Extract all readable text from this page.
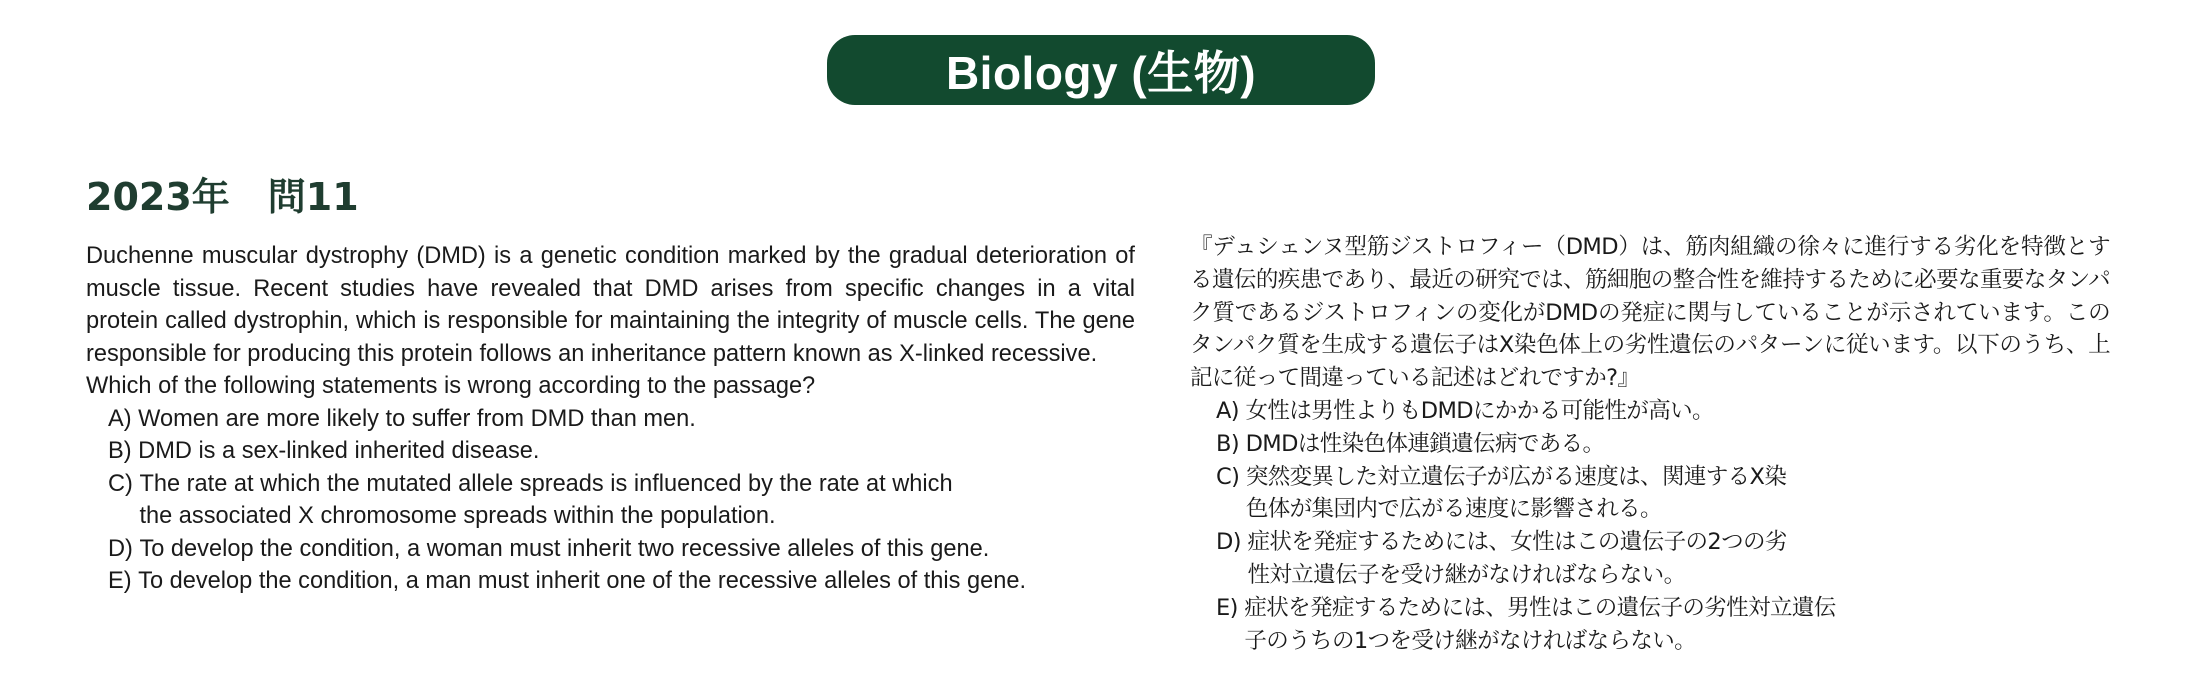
Biology (生物)
2023年　問11

Duchenne muscular dystrophy (DMD) is a genetic condition marked by the gradual deterioration of muscle tissue. Recent studies have revealed that DMD arises from specific changes in a vital protein called dystrophin, which is responsible for maintaining the integrity of muscle cells. The gene responsible for producing this protein follows an inheritance pattern known as X-linked recessive.

Which of the following statements is wrong according to the passage?

A) Women are more likely to suffer from DMD than men.
B) DMD is a sex-linked inherited disease.
C) The rate at which the mutated allele spreads is influenced by the rate at which the associated X chromosome spreads within the population.
D) To develop the condition, a woman must inherit two recessive alleles of this gene.
E) To develop the condition, a man must inherit one of the recessive alleles of this gene.

『デュシェンヌ型筋ジストロフィー（DMD）は、筋肉組織の徐々に進行する劣化を特徴とする遺伝的疾患であり、最近の研究では、筋細胞の整合性を維持するために必要な重要なタンパク質であるジストロフィンの変化がDMDの発症に関与していることが示されています。このタンパク質を生成する遺伝子はX染色体上の劣性遺伝のパターンに従います。以下のうち、上記に従って間違っている記述はどれですか?』

A) 女性は男性よりもDMDにかかる可能性が高い。
B) DMDは性染色体連鎖遺伝病である。
C) 突然変異した対立遺伝子が広がる速度は、関連するX染色体が集団内で広がる速度に影響される。
D) 症状を発症するためには、女性はこの遺伝子の2つの劣性対立遺伝子を受け継がなければならない。
E) 症状を発症するためには、男性はこの遺伝子の劣性対立遺伝子のうちの1つを受け継がなければならない。
